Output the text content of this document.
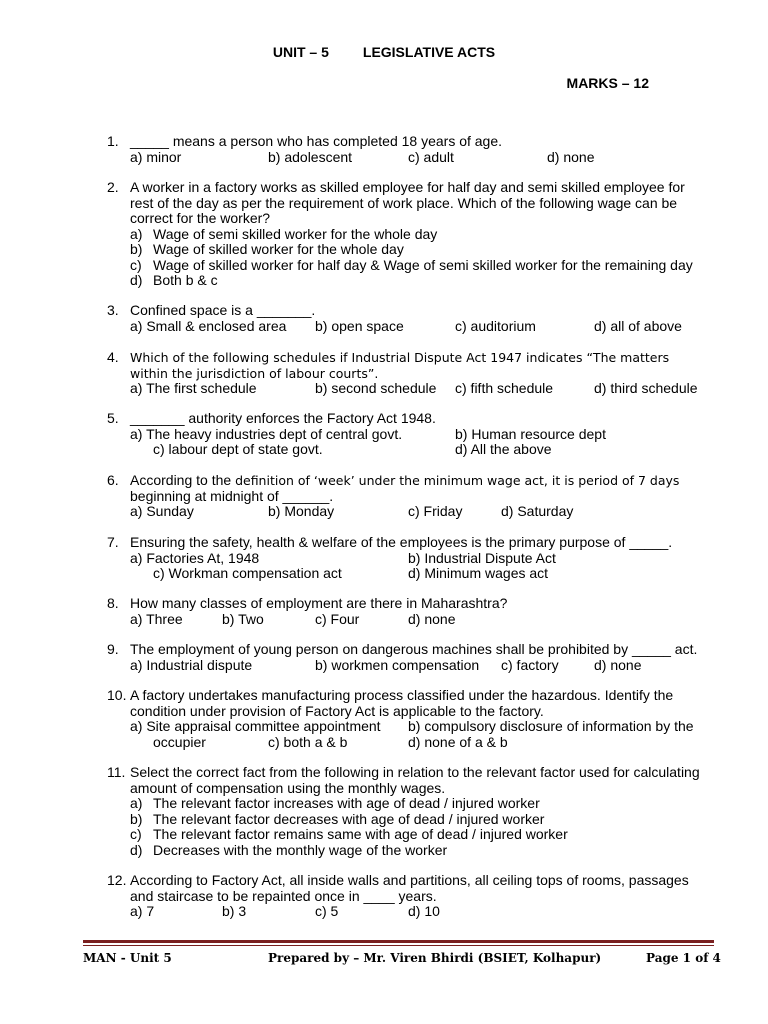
UNIT – 5 LEGISLATIVE ACTS
MARKS – 12
1. _____ means a person who has completed 18 years of age.
a) minor	b) adolescent	c) adult	d) none
2. A worker in a factory works as skilled employee for half day and semi skilled employee for rest of the day as per the requirement of work place. Which of the following wage can be correct for the worker?
a) Wage of semi skilled worker for the whole day
b) Wage of skilled worker for the whole day
c) Wage of skilled worker for half day & Wage of semi skilled worker for the remaining day
d) Both b & c
3. Confined space is a _______.
a) Small & enclosed area b) open space	c) auditorium	d) all of above
4. Which of the following schedules if Industrial Dispute Act 1947 indicates “The matters within the jurisdiction of labour courts”.
a) The first schedule	b) second schedule c) fifth schedule	d) third schedule
5. _______ authority enforces the Factory Act 1948.
a) The heavy industries dept of central govt.	b) Human resource dept
c) labour dept of state govt.	d) All the above
6. According to the definition of ‘week’ under the minimum wage act, it is period of 7 days
beginning at midnight of ______.
a) Sunday	b) Monday	c) Friday	d) Saturday
7. Ensuring the safety, health & welfare of the employees is the primary purpose of _____.
a) Factories At, 1948	b) Industrial Dispute Act
c) Workman compensation act	d) Minimum wages act
8. How many classes of employment are there in Maharashtra?
a) Three	b) Two	c) Four	d) none
9. The employment of young person on dangerous machines shall be prohibited by _____ act.
a) Industrial dispute	b) workmen compensation c) factory	d) none
10. A factory undertakes manufacturing process classified under the hazardous. Identify the condition under provision of Factory Act is applicable to the factory.
a) Site appraisal committee appointment b) compulsory disclosure of information by the
occupier	c) both a & b	d) none of a & b
11. Select the correct fact from the following in relation to the relevant factor used for calculating amount of compensation using the monthly wages.
a) The relevant factor increases with age of dead / injured worker
b) The relevant factor decreases with age of dead / injured worker
c) The relevant factor remains same with age of dead / injured worker
d) Decreases with the monthly wage of the worker
12. According to Factory Act, all inside walls and partitions, all ceiling tops of rooms, passages and staircase to be repainted once in ____ years.
a) 7	b) 3	c) 5	d) 10
MAN - Unit 5	Prepared by – Mr. Viren Bhirdi (BSIET, Kolhapur)	Page 1 of 4
